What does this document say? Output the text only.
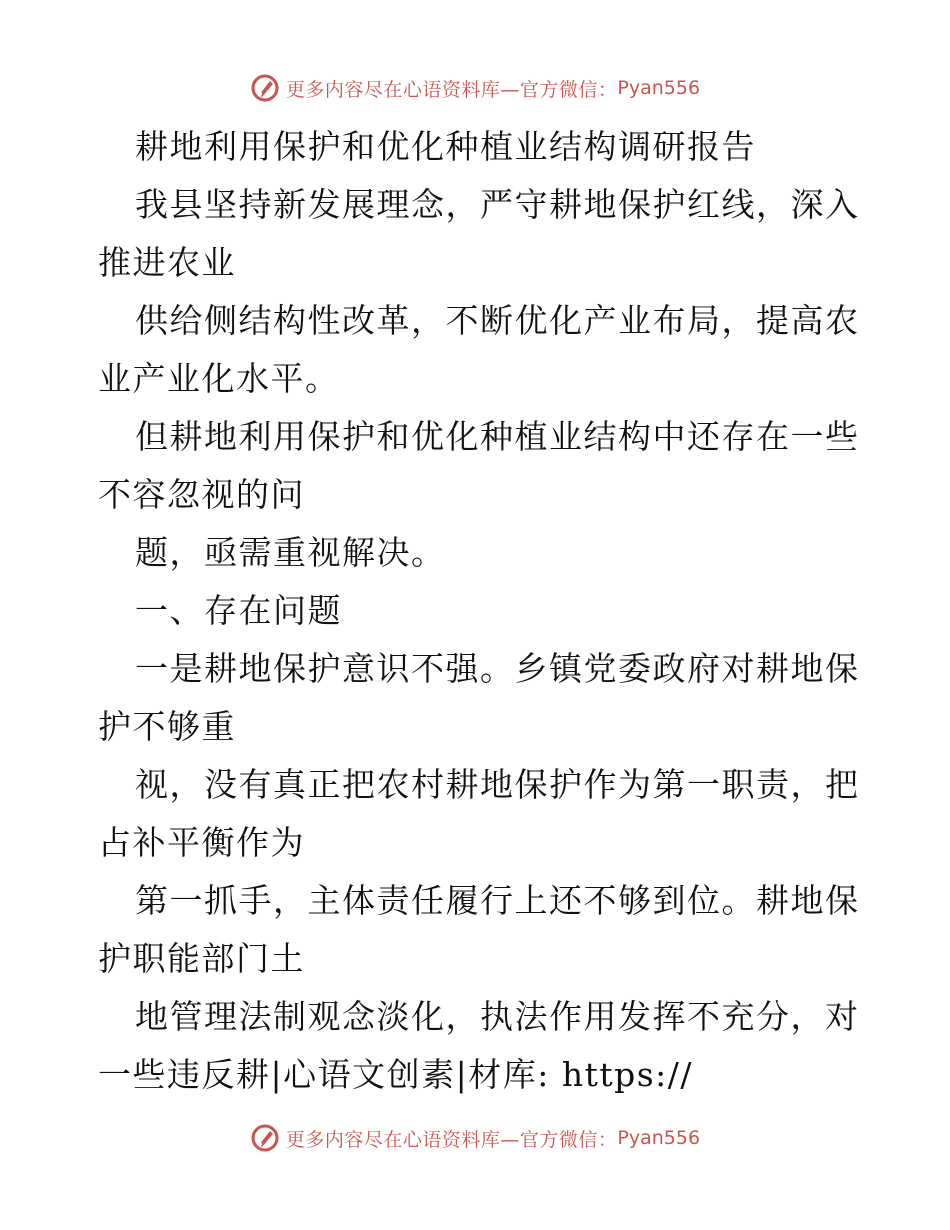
更多内容尽在心语资料库—官方微信： Pyan556
耕地利用保护和优化种植业结构调研报告
我县坚持新发展理念，严守耕地保护红线，深入
推进农业
供给侧结构性改革，不断优化产业布局，提高农
业产业化水平。
但耕地利用保护和优化种植业结构中还存在一些
不容忽视的问
题，亟需重视解决。
一、存在问题
一是耕地保护意识不强。乡镇党委政府对耕地保
护不够重
视，没有真正把农村耕地保护作为第一职责，把
占补平衡作为
第一抓手，主体责任履行上还不够到位。耕地保
护职能部门土
地管理法制观念淡化，执法作用发挥不充分，对
一些违反耕|心语文创素|材库: https://
更多内容尽在心语资料库—官方微信： Pyan556
